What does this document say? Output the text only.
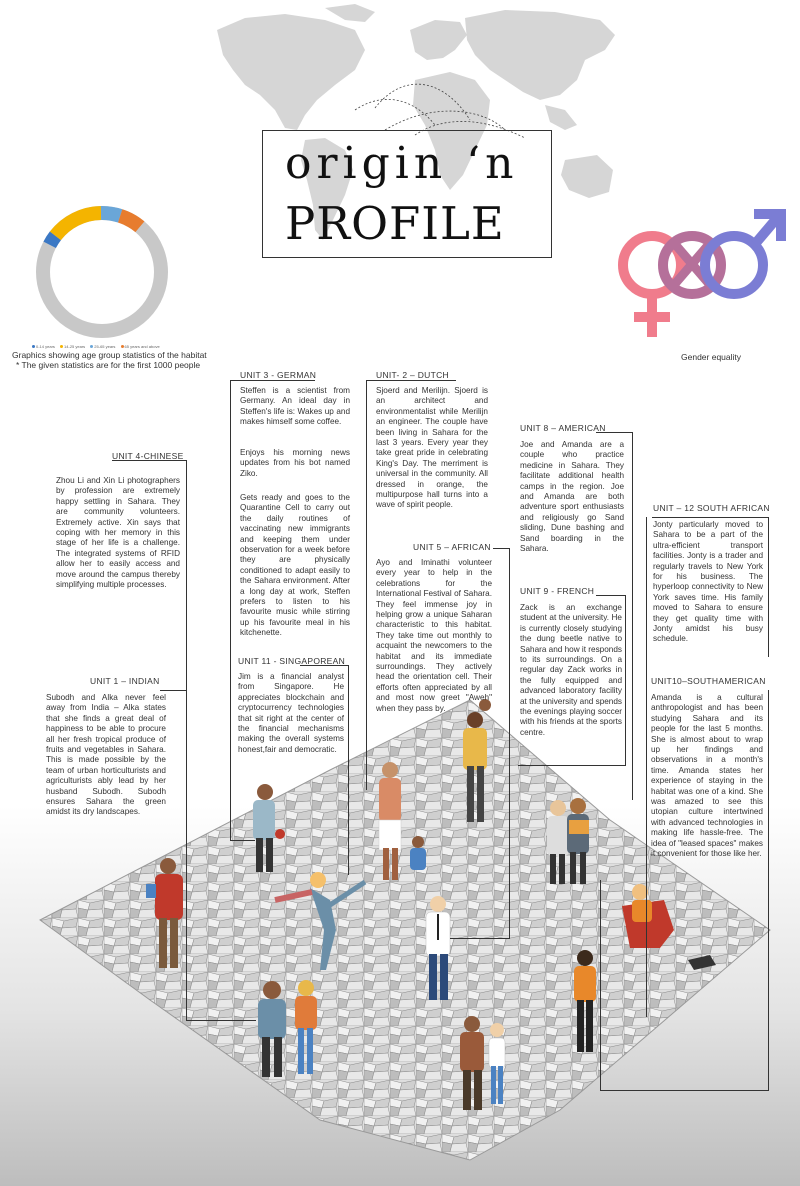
origin ‘n
PROFILE
0-14 years 14-25 years 25-65 years 65 years and above
Graphics showing age group statistics of the habitat
* The given statistics are for the first 1000 people
Gender equality
UNIT 3 - GERMAN
Steffen is a scientist from Germany. An ideal day in Steffen's life is: Wakes up and makes himself some coffee.
Enjoys his morning news updates from his bot named Ziko.
Gets ready and goes to the Quarantine Cell to carry out the daily routines of vaccinating new immigrants and keeping them under observation for a week before they are physically conditioned to adapt easily to the Sahara environment. After a long day at work, Steffen prefers to listen to his favourite music while stirring up his favourite meal in his kitchenette.
UNIT- 2 – DUTCH
Sjoerd and Merilijn. Sjoerd is an architect and environmentalist while Merilijn an engineer. The couple have been living in Sahara for the last 3 years. Every year they take great pride in celebrating King's Day. The merriment is universal in the community. All dressed in orange, the multipurpose hall turns into a wave of spirit people.
UNIT 4-CHINESE
Zhou Li and Xin Li photographers by profession are extremely happy settling in Sahara. They are community volunteers. Extremely active. Xin says that coping with her memory in this stage of her life is a challenge. The integrated systems of RFID allow her to easily access and move around the campus thereby simplifying multiple processes.
UNIT 8 – AMERICAN
Joe and Amanda are a couple who practice medicine in Sahara. They facilitate additional health camps in the region. Joe and Amanda are both adventure sport enthusiasts and religiously go Sand sliding, Dune bashing and Sand boarding in the Sahara.
UNIT – 12 SOUTH AFRICAN
Jonty particularly moved to Sahara to be a part of the ultra-efficient transport facilities. Jonty is a trader and regularly travels to New York for his business. The hyperloop connectivity to New York saves time. His family moved to Sahara to ensure they get quality time with Jonty amidst his busy schedule.
UNIT 5 – AFRICAN
Ayo and Iminathi volunteer every year to help in the celebrations for the International Festival of Sahara. They feel immense joy in helping grow a unique Saharan characteristic to this habitat. They take time out monthly to acquaint the newcomers to the habitat and its immediate surroundings. They actively head the orientation cell. Their efforts often appreciated by all and most now greet "Aweh" when they pass by.
UNIT 9 - FRENCH
Zack is an exchange student at the university. He is currently closely studying the dung beetle native to Sahara and how it responds to its surroundings. On a regular day Zack works in the fully equipped and advanced laboratory facility at the university and spends the evenings playing soccer with his friends at the sports centre.
UNIT 11 - SINGAPOREAN
Jim is a financial analyst from Singapore. He appreciates blockchain and cryptocurrency technologies that sit right at the center of the financial mechanisms making the overall systems honest,fair and democratic.
UNIT 1 – INDIAN
Subodh and Alka never feel away from India – Alka states that she finds a great deal of happiness to be able to procure all her fresh tropical produce of fruits and vegetables in Sahara. This is made possible by the team of urban horticulturists and agriculturists ably lead by her husband Subodh. Subodh ensures Sahara the green amidst its dry landscapes.
UNIT10–SOUTHAMERICAN
Amanda is a cultural anthropologist and has been studying Sahara and its people for the last 5 months. She is almost about to wrap up her findings and observations in a month's time. Amanda states her experience of staying in the habitat was one of a kind. She was amazed to see this utopian culture intertwined with advanced technologies in making life hassle-free. The idea of "leased spaces" makes it convenient for those like her.
